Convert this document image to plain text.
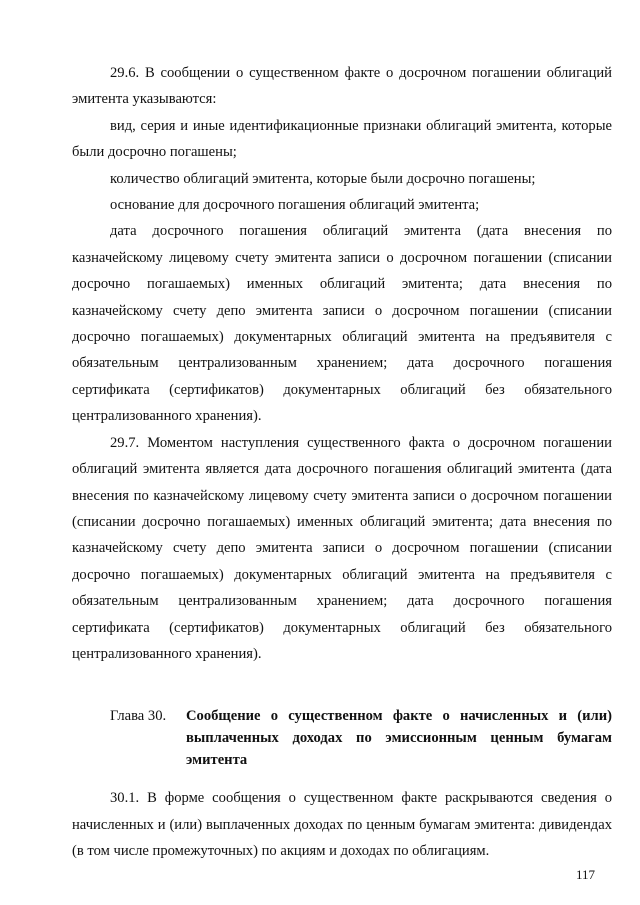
29.6. В сообщении о существенном факте о досрочном погашении облигаций эмитента указываются:

вид, серия и иные идентификационные признаки облигаций эмитента, которые были досрочно погашены;

количество облигаций эмитента, которые были досрочно погашены;

основание для досрочного погашения облигаций эмитента;

дата досрочного погашения облигаций эмитента (дата внесения по казначейскому лицевому счету эмитента записи о досрочном погашении (списании досрочно погашаемых) именных облигаций эмитента; дата внесения по казначейскому счету депо эмитента записи о досрочном погашении (списании досрочно погашаемых) документарных облигаций эмитента на предъявителя с обязательным централизованным хранением; дата досрочного погашения сертификата (сертификатов) документарных облигаций без обязательного централизованного хранения).

29.7. Моментом наступления существенного факта о досрочном погашении облигаций эмитента является дата досрочного погашения облигаций эмитента (дата внесения по казначейскому лицевому счету эмитента записи о досрочном погашении (списании досрочно погашаемых) именных облигаций эмитента; дата внесения по казначейскому счету депо эмитента записи о досрочном погашении (списании досрочно погашаемых) документарных облигаций эмитента на предъявителя с обязательным централизованным хранением; дата досрочного погашения сертификата (сертификатов) документарных облигаций без обязательного централизованного хранения).

Глава 30. Сообщение о существенном факте о начисленных и (или) выплаченных доходах по эмиссионным ценным бумагам эмитента

30.1. В форме сообщения о существенном факте раскрываются сведения о начисленных и (или) выплаченных доходах по ценным бумагам эмитента: дивидендах (в том числе промежуточных) по акциям и доходах по облигациям.

117
